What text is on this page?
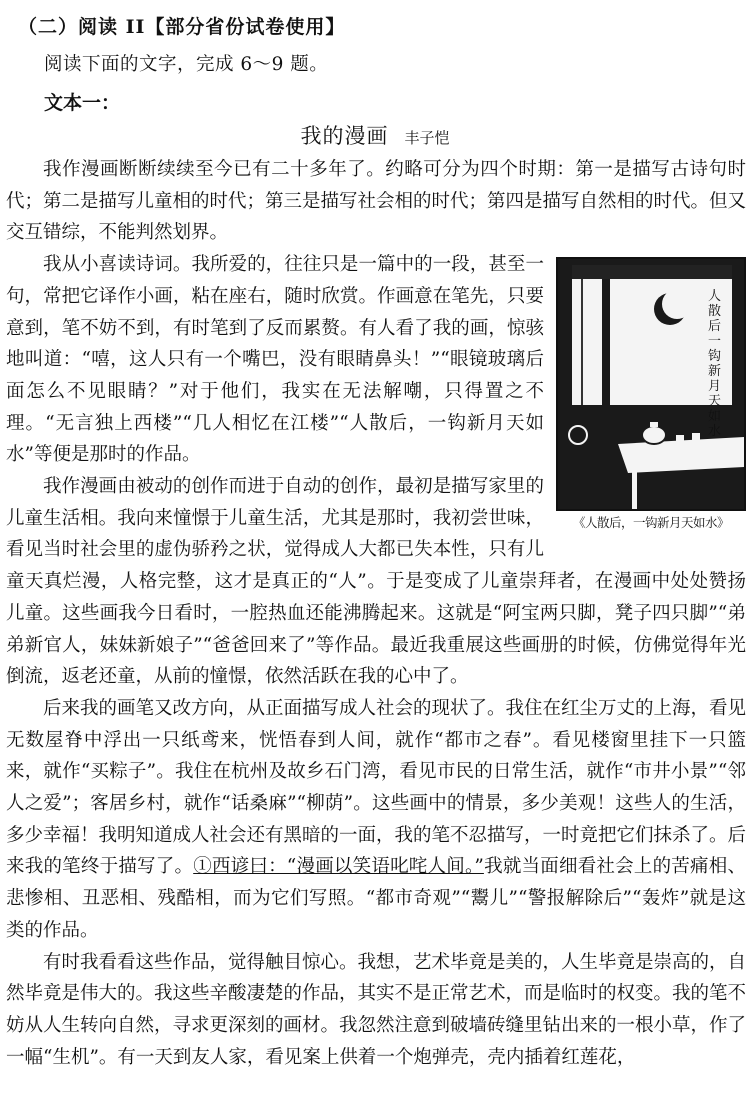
（二）阅读 II【部分省份试卷使用】
阅读下面的文字，完成 6～9 题。
文本一：
我的漫画 丰子恺

我作漫画断断续续至今已有二十多年了。约略可分为四个时期：第一是描写古诗句时代；第二是描写儿童相的时代；第三是描写社会相的时代；第四是描写自然相的时代。但又交互错综，不能判然划界。

人散后一钩新月天如水
《人散后，一钩新月天如水》

我从小喜读诗词。我所爱的，往往只是一篇中的一段，甚至一句，常把它译作小画，粘在座右，随时欣赏。作画意在笔先，只要意到，笔不妨不到，有时笔到了反而累赘。有人看了我的画，惊骇地叫道：“嘻，这人只有一个嘴巴，没有眼睛鼻头！”“眼镜玻璃后面怎么不见眼睛？”对于他们，我实在无法解嘲，只得置之不理。“无言独上西楼”“几人相忆在江楼”“人散后，一钩新月天如水”等便是那时的作品。

我作漫画由被动的创作而进于自动的创作，最初是描写家里的儿童生活相。我向来憧憬于儿童生活，尤其是那时，我初尝世味，看见当时社会里的虚伪骄矜之状，觉得成人大都已失本性，只有儿童天真烂漫，人格完整，这才是真正的“人”。于是变成了儿童崇拜者，在漫画中处处赞扬儿童。这些画我今日看时，一腔热血还能沸腾起来。这就是“阿宝两只脚，凳子四只脚”“弟弟新官人，妹妹新娘子”“爸爸回来了”等作品。最近我重展这些画册的时候，仿佛觉得年光倒流，返老还童，从前的憧憬，依然活跃在我的心中了。

后来我的画笔又改方向，从正面描写成人社会的现状了。我住在红尘万丈的上海，看见无数屋脊中浮出一只纸鸢来，恍悟春到人间，就作“都市之春”。看见楼窗里挂下一只篮来，就作“买粽子”。我住在杭州及故乡石门湾，看见市民的日常生活，就作“市井小景”“邻人之爱”；客居乡村，就作“话桑麻”“柳荫”。这些画中的情景，多少美观！这些人的生活，多少幸福！我明知道成人社会还有黑暗的一面，我的笔不忍描写，一时竟把它们抹杀了。后来我的笔终于描写了。①西谚曰：“漫画以笑语叱咤人间。”我就当面细看社会上的苦痛相、悲惨相、丑恶相、残酷相，而为它们写照。“都市奇观”“鬻儿”“警报解除后”“轰炸”就是这类的作品。

有时我看看这些作品，觉得触目惊心。我想，艺术毕竟是美的，人生毕竟是崇高的，自然毕竟是伟大的。我这些辛酸凄楚的作品，其实不是正常艺术，而是临时的权变。我的笔不妨从人生转向自然，寻求更深刻的画材。我忽然注意到破墙砖缝里钻出来的一根小草，作了一幅“生机”。有一天到友人家，看见案上供着一个炮弹壳，壳内插着红莲花，
